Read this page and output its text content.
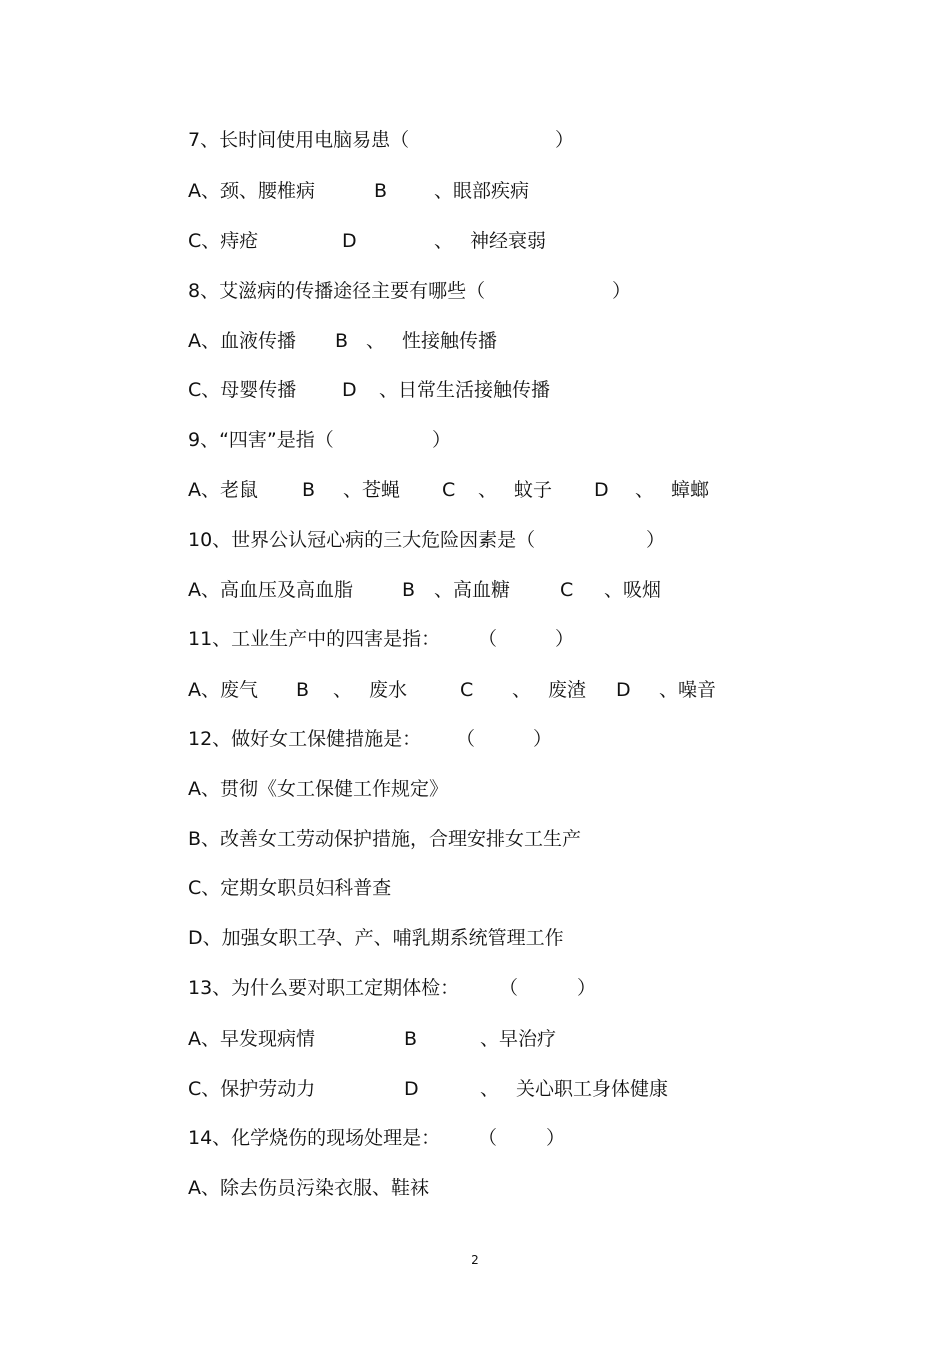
7、长时间使用电脑易患（	）
A、颈、腰椎病	B 、眼部疾病
C、痔疮	D	、 神经衰弱
8、艾滋病的传播途径主要有哪些（	）
A、血液传播 B 、 性接触传播
C、母婴传播 D 、日常生活接触传播
9、“四害”是指（	）
A、老鼠 B 、苍蝇 C 、 蚊子 D 、 蟑螂
10、世界公认冠心病的三大危险因素是（	）
A、高血压及高血脂	B 、高血糖	C 、吸烟
11、工业生产中的四害是指： （	）
A、废气 B 、 废水	C 、 废渣 D 、噪音
12、做好女工保健措施是： （	）
A、贯彻《女工保健工作规定》
B、改善女工劳动保护措施，合理安排女工生产
C、定期女职员妇科普查
D、加强女职工孕、产、哺乳期系统管理工作
13、为什么要对职工定期体检： （	）
A、早发现病情	B	、早治疗
C、保护劳动力	D	、 关心职工身体健康
14、化学烧伤的现场处理是： （	）
A、除去伤员污染衣服、鞋袜
2
